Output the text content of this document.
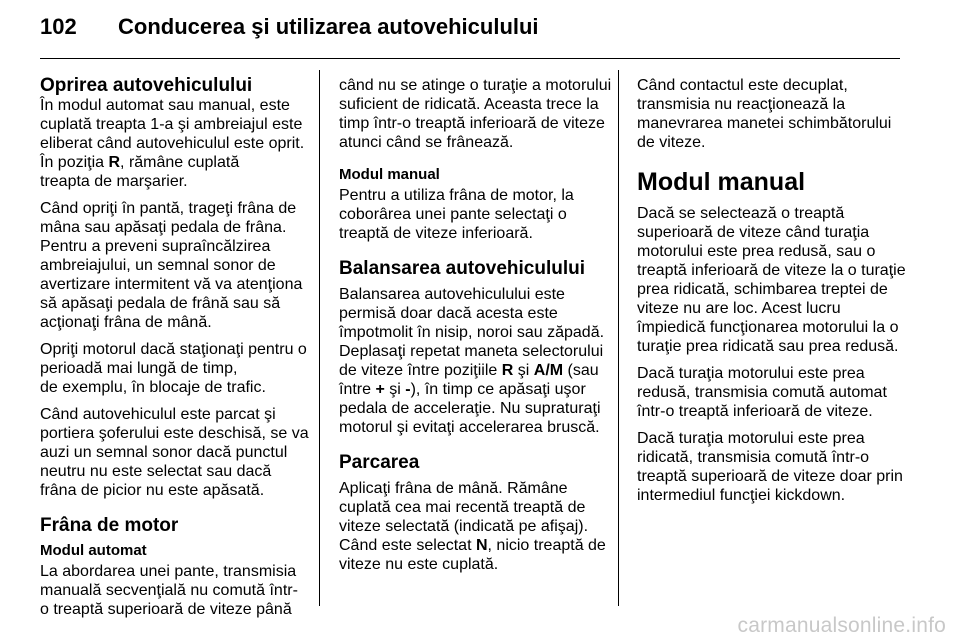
102 Conducerea şi utilizarea autovehiculului
Oprirea autovehiculului

În modul automat sau manual, este
cuplată treapta 1-a şi ambreiajul este
eliberat când autovehiculul este oprit.
În poziţia R, rămâne cuplată
treapta de marşarier.

Când opriţi în pantă, trageţi frâna de
mâna sau apăsaţi pedala de frâna.
Pentru a preveni supraîncălzirea
ambreiajului, un semnal sonor de
avertizare intermitent vă va atenţiona
să apăsaţi pedala de frână sau să
acţionaţi frâna de mână.

Opriţi motorul dacă staţionaţi pentru o
perioadă mai lungă de timp,
de exemplu, în blocaje de trafic.

Când autovehiculul este parcat şi
portiera şoferului este deschisă, se va
auzi un semnal sonor dacă punctul
neutru nu este selectat sau dacă
frâna de picior nu este apăsată.

Frâna de motor
Modul automat

La abordarea unei pante, transmisia
manuală secvenţială nu comută într-
o treaptă superioară de viteze până

când nu se atinge o turaţie a motorului
suficient de ridicată. Aceasta trece la
timp într-o treaptă inferioară de viteze
atunci când se frânează.

Modul manual

Pentru a utiliza frâna de motor, la
coborârea unei pante selectaţi o
treaptă de viteze inferioară.

Balansarea autovehiculului

Balansarea autovehiculului este
permisă doar dacă acesta este
împotmolit în nisip, noroi sau zăpadă.
Deplasaţi repetat maneta selectorului
de viteze între poziţiile R şi A/M (sau
între + şi -), în timp ce apăsaţi uşor
pedala de acceleraţie. Nu supraturaţi
motorul şi evitaţi accelerarea bruscă.

Parcarea

Aplicaţi frâna de mână. Rămâne
cuplată cea mai recentă treaptă de
viteze selectată (indicată pe afişaj).
Când este selectat N, nicio treaptă de
viteze nu este cuplată.

Când contactul este decuplat,
transmisia nu reacţionează la
manevrarea manetei schimbătorului
de viteze.

Modul manual

Dacă se selectează o treaptă
superioară de viteze când turaţia
motorului este prea redusă, sau o
treaptă inferioară de viteze la o turaţie
prea ridicată, schimbarea treptei de
viteze nu are loc. Acest lucru
împiedică funcţionarea motorului la o
turaţie prea ridicată sau prea redusă.

Dacă turaţia motorului este prea
redusă, transmisia comută automat
într-o treaptă inferioară de viteze.

Dacă turaţia motorului este prea
ridicată, transmisia comută într-o
treaptă superioară de viteze doar prin
intermediul funcţiei kickdown.

carmanualsonline.info
